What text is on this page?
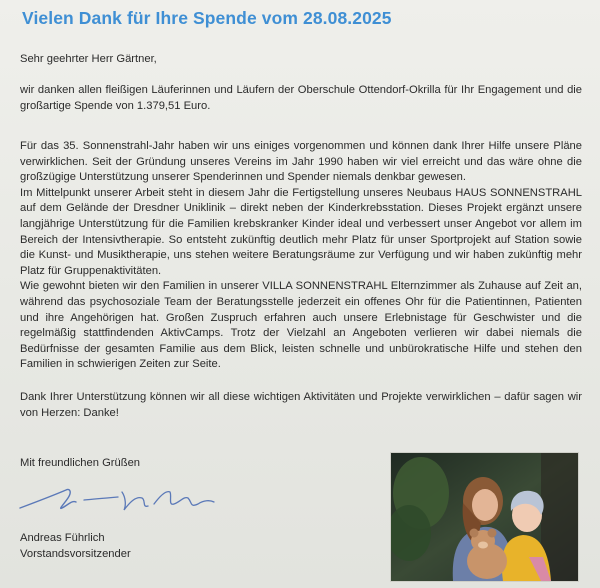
Vielen Dank für Ihre Spende vom 28.08.2025

Sehr geehrter Herr Gärtner,

wir danken allen fleißigen Läuferinnen und Läufern der Oberschule Ottendorf-Okrilla für Ihr Engagement und die großartige Spende von 1.379,51 Euro.

Für das 35. Sonnenstrahl-Jahr haben wir uns einiges vorgenommen und können dank Ihrer Hilfe unsere Pläne verwirklichen. Seit der Gründung unseres Vereins im Jahr 1990 haben wir viel erreicht und das wäre ohne die großzügige Unterstützung unserer Spenderinnen und Spender niemals denkbar gewesen.
Im Mittelpunkt unserer Arbeit steht in diesem Jahr die Fertigstellung unseres Neubaus HAUS SONNENSTRAHL auf dem Gelände der Dresdner Uniklinik – direkt neben der Kinderkrebsstation. Dieses Projekt ergänzt unsere langjährige Unterstützung für die Familien krebskranker Kinder ideal und verbessert unser Angebot vor allem im Bereich der Intensivtherapie. So entsteht zukünftig deutlich mehr Platz für unser Sportprojekt auf Station sowie die Kunst- und Musiktherapie, uns stehen weitere Beratungsräume zur Verfügung und wir haben zukünftig mehr Platz für Gruppenaktivitäten.
Wie gewohnt bieten wir den Familien in unserer VILLA SONNENSTRAHL Elternzimmer als Zuhause auf Zeit an, während das psychosoziale Team der Beratungsstelle jederzeit ein offenes Ohr für die Patientinnen, Patienten und ihre Angehörigen hat. Großen Zuspruch erfahren auch unsere Erlebnistage für Geschwister und die regelmäßig stattfindenden AktivCamps. Trotz der Vielzahl an Angeboten verlieren wir dabei niemals die Bedürfnisse der gesamten Familie aus dem Blick, leisten schnelle und unbürokratische Hilfe und stehen den Familien in schwierigen Zeiten zur Seite.

Dank Ihrer Unterstützung können wir all diese wichtigen Aktivitäten und Projekte verwirklichen – dafür sagen wir von Herzen: Danke!

Mit freundlichen Grüßen

Andreas Führlich
Vorstandsvorsitzender
